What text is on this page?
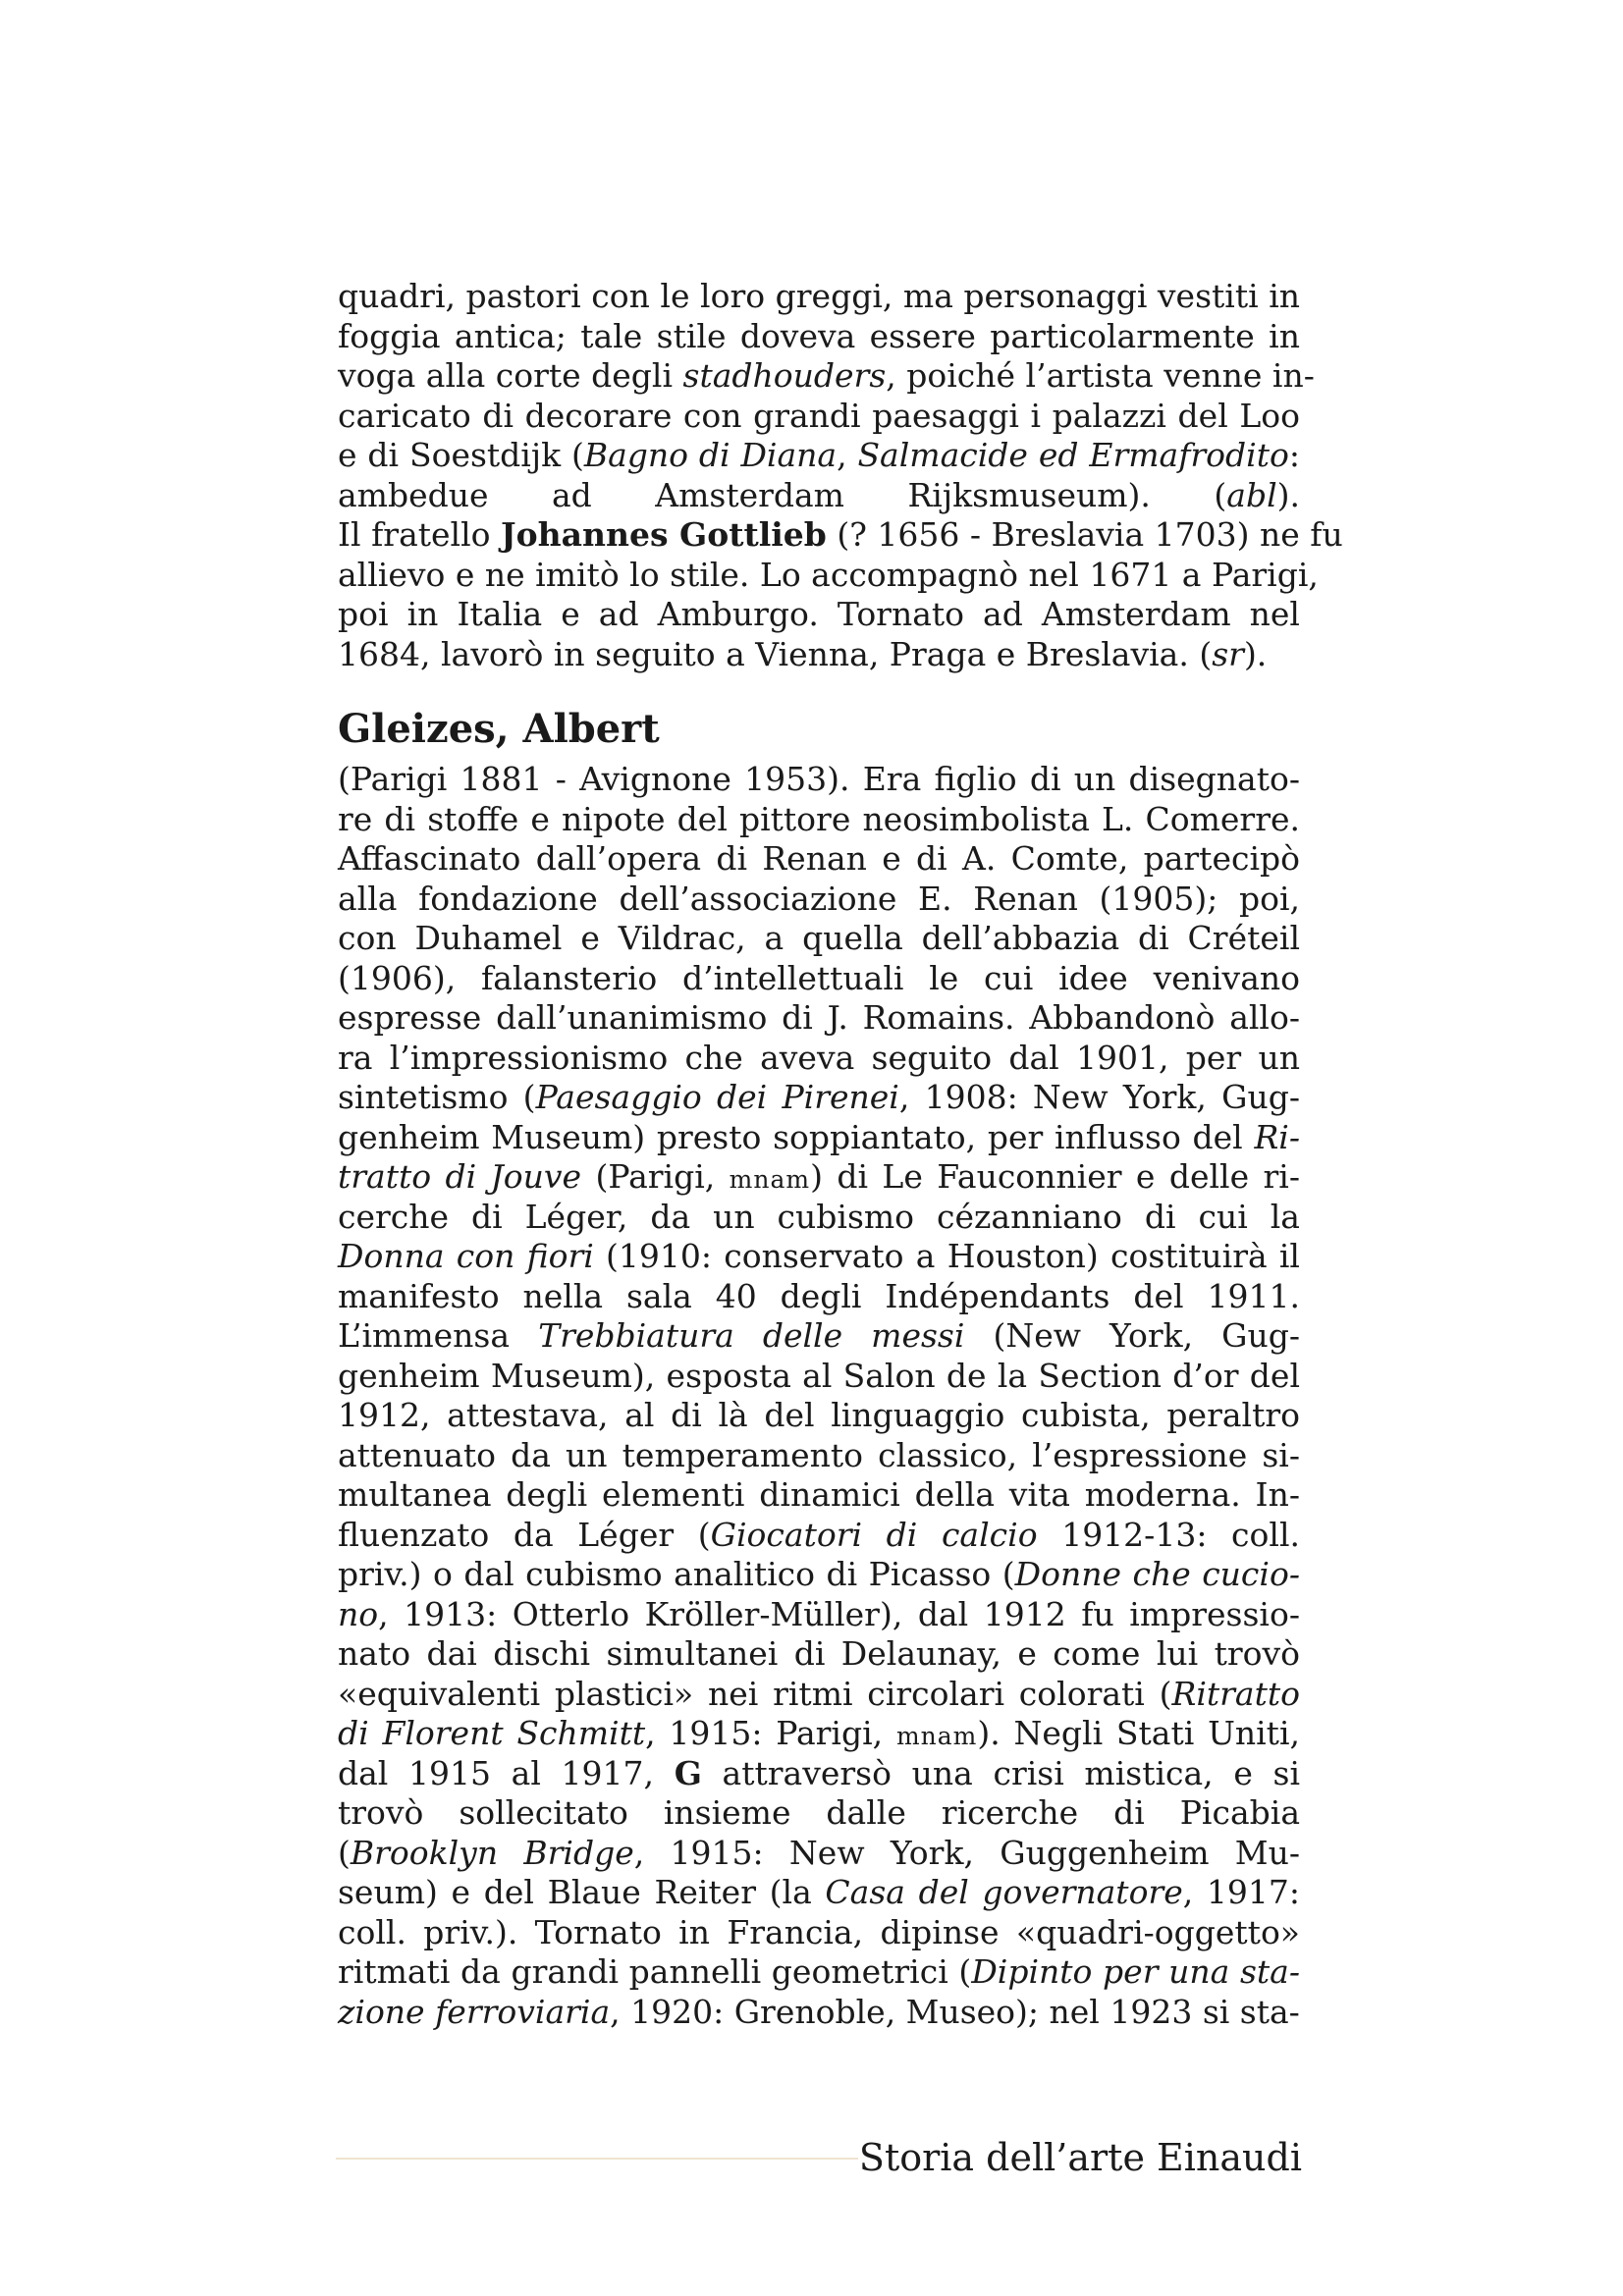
quadri, pastori con le loro greggi, ma personaggi vestiti in
foggia antica; tale stile doveva essere particolarmente in
voga alla corte degli stadhouders, poiché l’artista venne in-
caricato di decorare con grandi paesaggi i palazzi del Loo
e di Soestdijk (Bagno di Diana, Salmacide ed Ermafrodito:
ambedue ad Amsterdam Rijksmuseum). (abl).
Il fratello Johannes Gottlieb (? 1656 - Breslavia 1703) ne fu
allievo e ne imitò lo stile. Lo accompagnò nel 1671 a Parigi,
poi in Italia e ad Amburgo. Tornato ad Amsterdam nel
1684, lavorò in seguito a Vienna, Praga e Breslavia. (sr).
Gleizes, Albert
(Parigi 1881 - Avignone 1953). Era figlio di un disegnato-
re di stoffe e nipote del pittore neosimbolista L. Comerre.
Affascinato dall’opera di Renan e di A. Comte, partecipò
alla fondazione dell’associazione E. Renan (1905); poi,
con Duhamel e Vildrac, a quella dell’abbazia di Créteil
(1906), falansterio d’intellettuali le cui idee venivano
espresse dall’unanimismo di J. Romains. Abbandonò allo-
ra l’impressionismo che aveva seguito dal 1901, per un
sintetismo (Paesaggio dei Pirenei, 1908: New York, Gug-
genheim Museum) presto soppiantato, per influsso del Ri-
tratto di Jouve (Parigi, mnam) di Le Fauconnier e delle ri-
cerche di Léger, da un cubismo cézanniano di cui la
Donna con fiori (1910: conservato a Houston) costituirà il
manifesto nella sala 40 degli Indépendants del 1911.
L’immensa Trebbiatura delle messi (New York, Gug-
genheim Museum), esposta al Salon de la Section d’or del
1912, attestava, al di là del linguaggio cubista, peraltro
attenuato da un temperamento classico, l’espressione si-
multanea degli elementi dinamici della vita moderna. In-
fluenzato da Léger (Giocatori di calcio 1912-13: coll.
priv.) o dal cubismo analitico di Picasso (Donne che cucio-
no, 1913: Otterlo Kröller-Müller), dal 1912 fu impressio-
nato dai dischi simultanei di Delaunay, e come lui trovò
«equivalenti plastici» nei ritmi circolari colorati (Ritratto
di Florent Schmitt, 1915: Parigi, mnam). Negli Stati Uniti,
dal 1915 al 1917, G attraversò una crisi mistica, e si
trovò sollecitato insieme dalle ricerche di Picabia
(Brooklyn Bridge, 1915: New York, Guggenheim Mu-
seum) e del Blaue Reiter (la Casa del governatore, 1917:
coll. priv.). Tornato in Francia, dipinse «quadri-oggetto»
ritmati da grandi pannelli geometrici (Dipinto per una sta-
zione ferroviaria, 1920: Grenoble, Museo); nel 1923 si sta-
Storia dell’arte Einaudi
